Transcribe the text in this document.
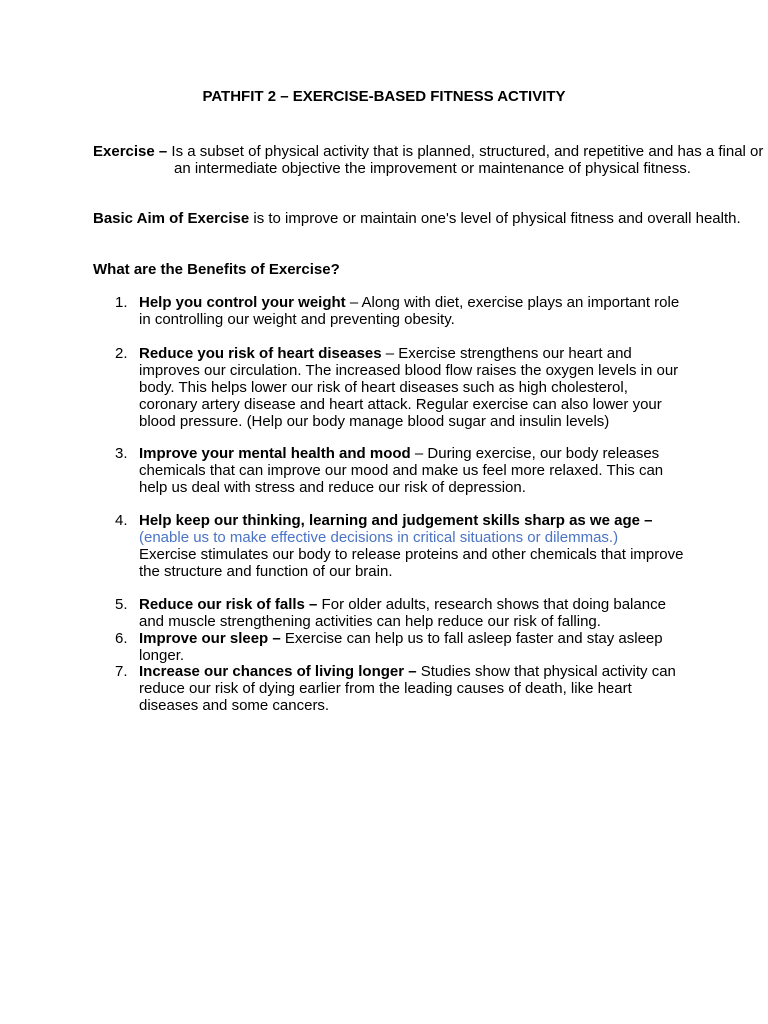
PATHFIT 2 – EXERCISE-BASED FITNESS ACTIVITY
Exercise – Is a subset of physical activity that is planned, structured, and repetitive and has a final or an intermediate objective the improvement or maintenance of physical fitness.
Basic Aim of Exercise is to improve or maintain one's level of physical fitness and overall health.
What are the Benefits of Exercise?
1. Help you control your weight – Along with diet, exercise plays an important role in controlling our weight and preventing obesity.
2. Reduce you risk of heart diseases – Exercise strengthens our heart and improves our circulation. The increased blood flow raises the oxygen levels in our body. This helps lower our risk of heart diseases such as high cholesterol, coronary artery disease and heart attack. Regular exercise can also lower your blood pressure. (Help our body manage blood sugar and insulin levels)
3. Improve your mental health and mood – During exercise, our body releases chemicals that can improve our mood and make us feel more relaxed. This can help us deal with stress and reduce our risk of depression.
4. Help keep our thinking, learning and judgement skills sharp as we age –
(enable us to make effective decisions in critical situations or dilemmas.)
Exercise stimulates our body to release proteins and other chemicals that improve the structure and function of our brain.
5. Reduce our risk of falls – For older adults, research shows that doing balance and muscle strengthening activities can help reduce our risk of falling.
6. Improve our sleep – Exercise can help us to fall asleep faster and stay asleep longer.
7. Increase our chances of living longer – Studies show that physical activity can reduce our risk of dying earlier from the leading causes of death, like heart diseases and some cancers.
